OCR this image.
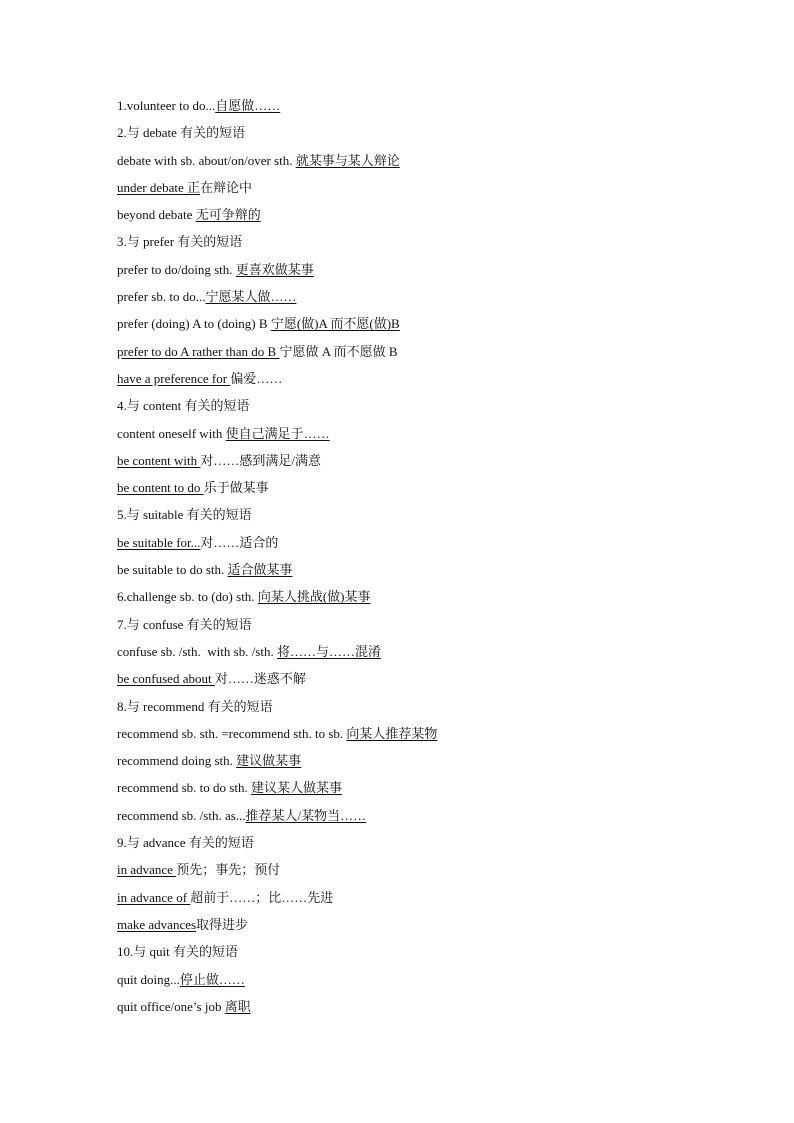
1.volunteer to do...自愿做……
2.与 debate 有关的短语
debate with sb. about/on/over sth. 就某事与某人辩论
under debate 正在辩论中
beyond debate 无可争辩的
3.与 prefer 有关的短语
prefer to do/doing sth. 更喜欢做某事
prefer sb. to do...宁愿某人做……
prefer (doing) A to (doing) B 宁愿(做)A 而不愿(做)B
prefer to do A rather than do B 宁愿做 A 而不愿做 B
have a preference for 偏爱……
4.与 content 有关的短语
content oneself with 使自己满足于……
be content with 对……感到满足/满意
be content to do 乐于做某事
5.与 suitable 有关的短语
be suitable for...对……适合的
be suitable to do sth. 适合做某事
6.challenge sb. to (do) sth. 向某人挑战(做)某事
7.与 confuse 有关的短语
confuse sb. /sth.  with sb. /sth. 将……与……混淆
be confused about 对……迷惑不解
8.与 recommend 有关的短语
recommend sb. sth. =recommend sth. to sb. 向某人推荐某物
recommend doing sth. 建议做某事
recommend sb. to do sth. 建议某人做某事
recommend sb. /sth. as...推荐某人/某物当……
9.与 advance 有关的短语
in advance 预先；事先；预付
in advance of 超前于……；比……先进
make advances取得进步
10.与 quit 有关的短语
quit doing...停止做……
quit office/one’s job 离职
